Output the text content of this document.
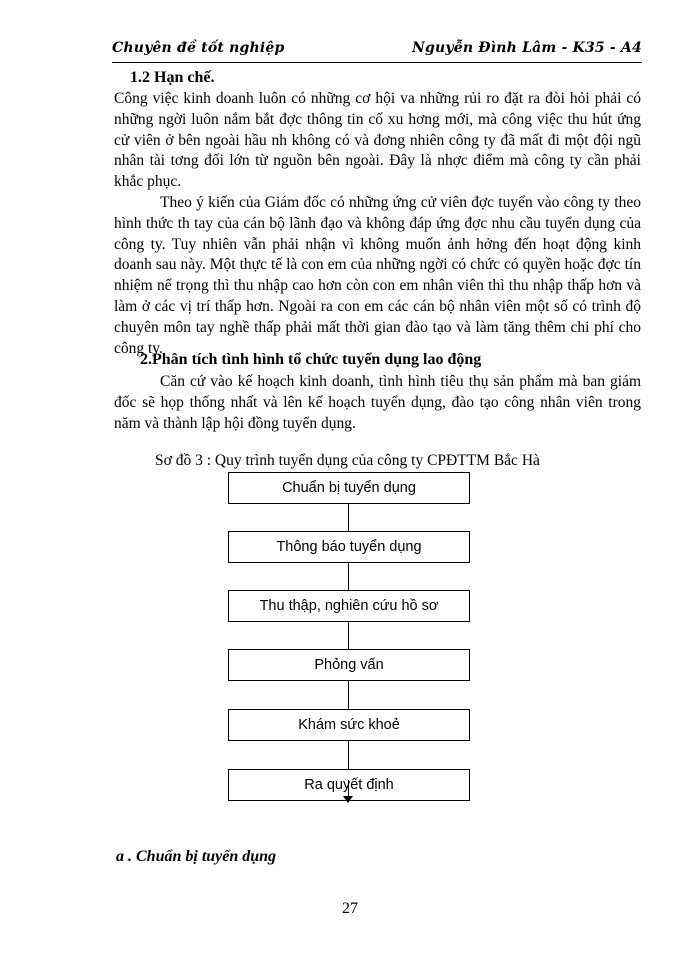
Chuyên đề tốt nghiệp	Nguyễn Đình Lâm - K35 - A4
1.2 Hạn chế.

Công việc kinh doanh luôn có những cơ hội va những rủi ro đặt ra đòi hỏi phải có những ngời luôn nắm bắt đợc thông tin cố xu hơng mới, mà công việc thu hút ứng cử viên ở bên ngoài hầu nh không có và đơng nhiên công ty đã mất đi một đội ngũ nhân tài tơng đối lớn từ nguồn bên ngoài. Đây là nhợc điểm mà công ty cần phải khắc phục.

Theo ý kiến của Giám đốc có những ứng cử viên đợc tuyển vào công ty theo hình thức th tay của cán bộ lãnh đạo và không đáp ứng đợc nhu cầu tuyển dụng của công ty. Tuy nhiên vẫn phải nhận vì không muốn ảnh hởng đến hoạt động kinh doanh sau này. Một thực tế là con em của những ngời có chức có quyền hoặc đợc tín nhiệm nể trọng thì thu nhập cao hơn còn con em nhân viên thì thu nhập thấp hơn và làm ở các vị trí thấp hơn. Ngoài ra con em các cán bộ nhân viên một số có trình độ chuyên môn tay nghề thấp phải mất thời gian đào tạo và làm tăng thêm chi phí cho công ty.

2.Phân tích tình hình tổ chức tuyển dụng lao động

Căn cứ vào kế hoạch kinh doanh, tình hình tiêu thụ sản phẩm mà ban giám đốc sẽ họp thống nhất và lên kế hoạch tuyển dụng, đào tạo công nhân viên trong năm và thành lập hội đồng tuyển dụng.

Sơ đồ 3 : Quy trình tuyển dụng của công ty CPĐTTM Bắc Hà
Chuẩn bị tuyển dụng
Thông báo tuyển dụng
Thu thập, nghiên cứu hồ sơ
Phỏng vấn
Khám sức khoẻ
Ra quyết định
a . Chuẩn bị tuyển dụng
27
